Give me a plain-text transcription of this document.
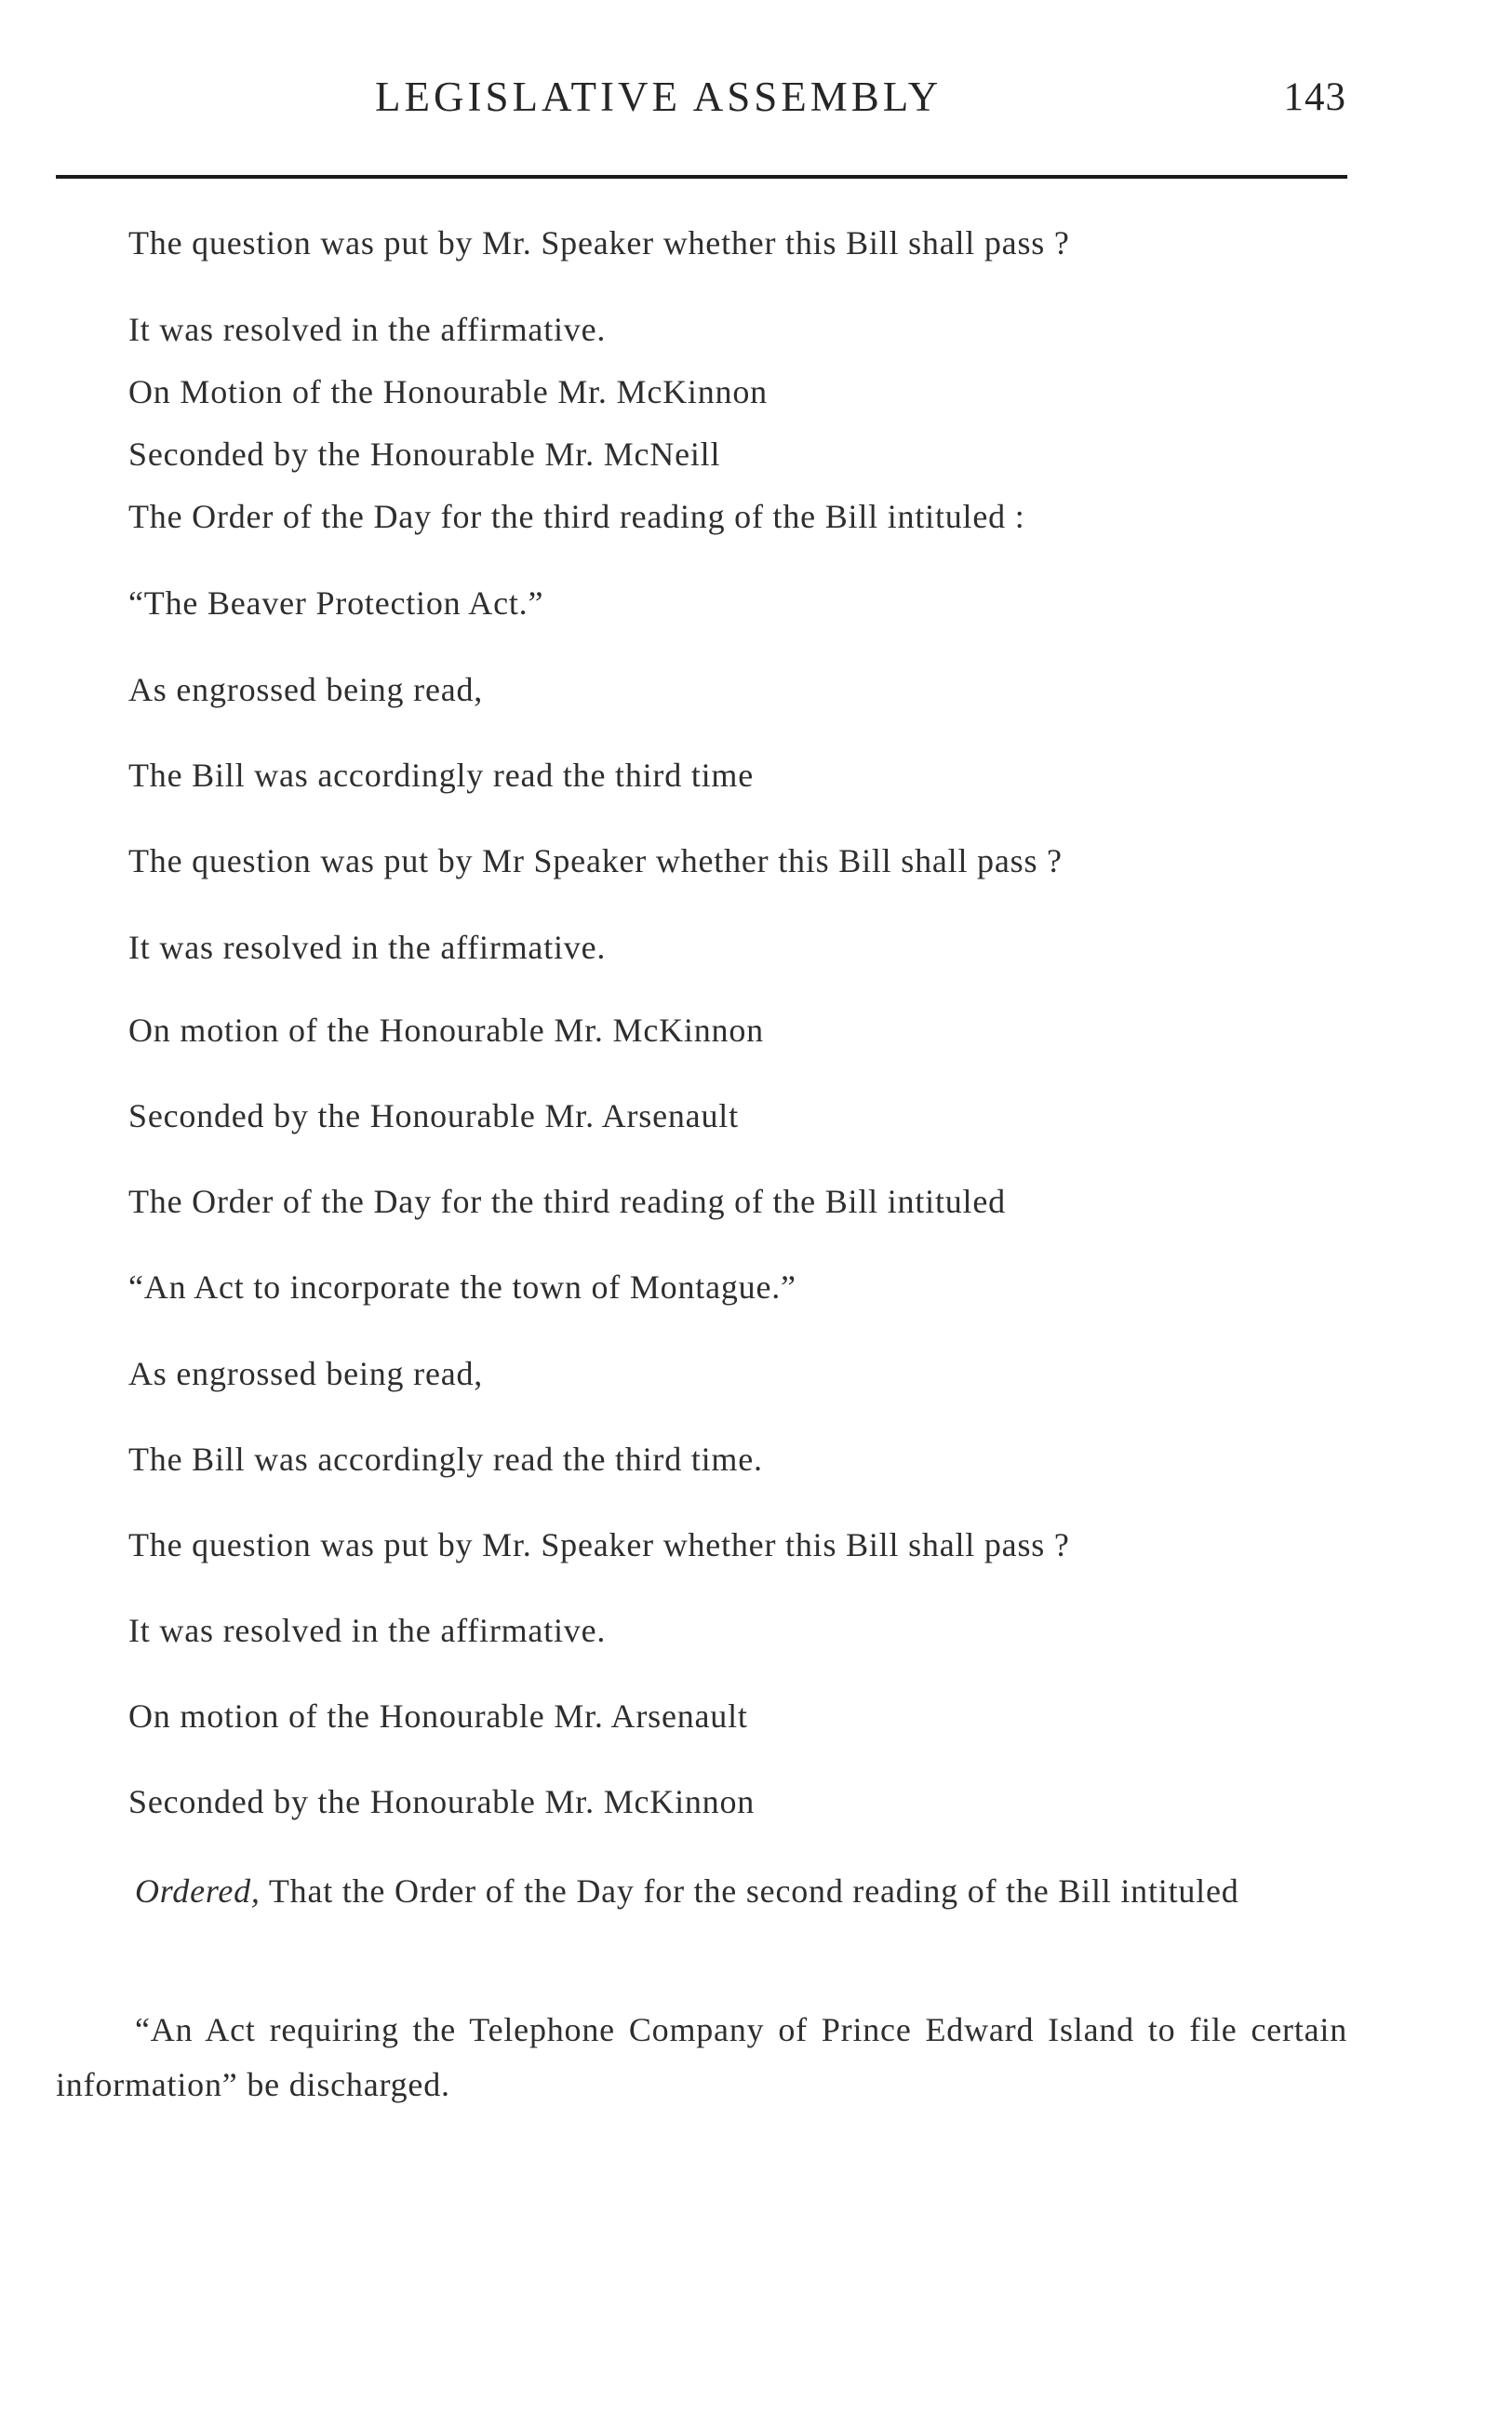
LEGISLATIVE ASSEMBLY	143
The question was put by Mr. Speaker whether this Bill shall pass ?
It was resolved in the affirmative.
On Motion of the Honourable Mr. McKinnon
Seconded by the Honourable Mr. McNeill
The Order of the Day for the third reading of the Bill intituled :
“The Beaver Protection Act.”
As engrossed being read,
The Bill was accordingly read the third time
The question was put by Mr Speaker whether this Bill shall pass ?
It was resolved in the affirmative.
On motion of the Honourable Mr. McKinnon
Seconded by the Honourable Mr. Arsenault
The Order of the Day for the third reading of the Bill intituled
“An Act to incorporate the town of Montague.”
As engrossed being read,
The Bill was accordingly read the third time.
The question was put by Mr. Speaker whether this Bill shall pass ?
It was resolved in the affirmative.
On motion of the Honourable Mr. Arsenault
Seconded by the Honourable Mr. McKinnon
Ordered, That the Order of the Day for the second reading of the Bill intituled
“An Act requiring the Telephone Company of Prince Edward Island to file certain information” be discharged.
